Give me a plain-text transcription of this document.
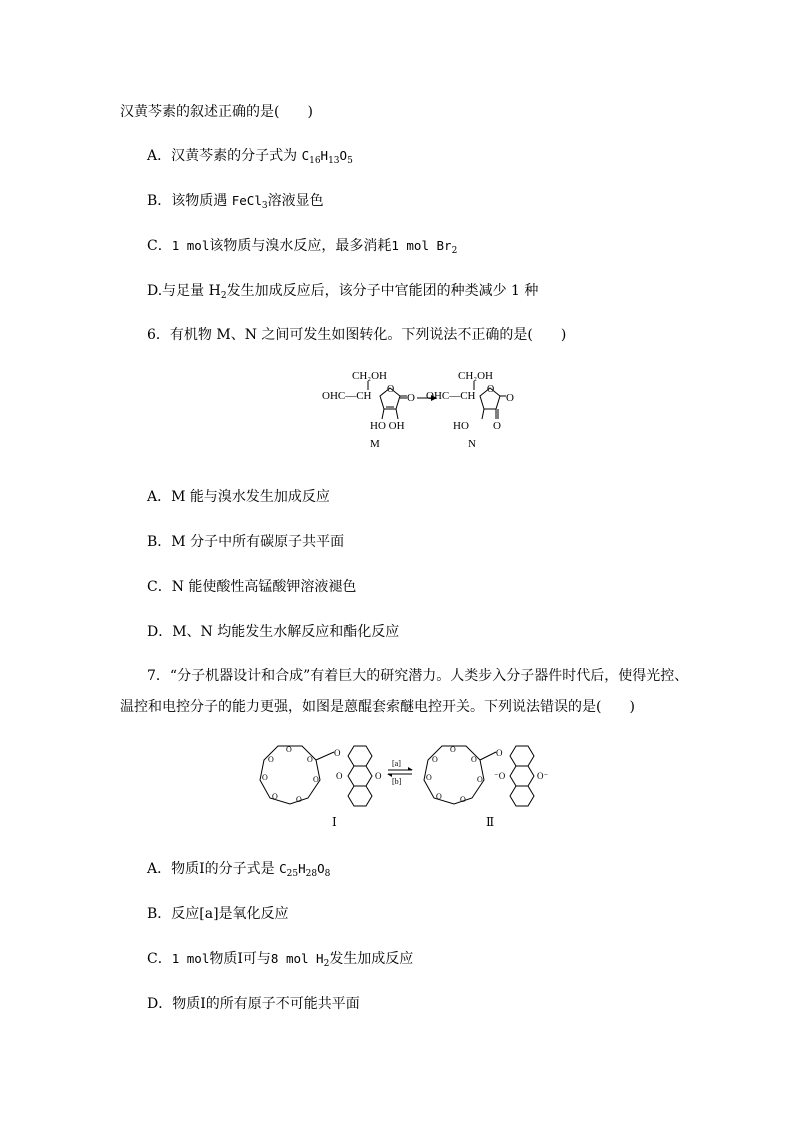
汉黄芩素的叙述正确的是(　　)
A．汉黄芩素的分子式为 $C_{16}H_{13}O_5$
B．该物质遇 FeCl$_3$溶液显色
C．1 mol该物质与溴水反应，最多消耗1 mol $Br_2$
D.与足量 $H_2$发生加成反应后，该分子中官能团的种类减少 1 种
6．有机物 M、N 之间可发生如图转化。下列说法不正确的是(　　)
CH₂OH
OHC—CH
O
O
HO OH
M
CH₂OH
OHC—CH
O
O
HO O
N
A．M 能与溴水发生加成反应
B．M 分子中所有碳原子共平面
C．N 能使酸性高锰酸钾溶液褪色
D．M、N 均能发生水解反应和酯化反应
7．“分子机器设计和合成”有着巨大的研究潜力。人类步入分子器件时代后，使得光控、
温控和电控分子的能力更强，如图是蒽醌套索醚电控开关。下列说法错误的是(　　)
O
O
O
O
O
O
O
O
O	O
Ⅰ
[a]
[b]
O
O
O
O
O
O
O
O
⁻O	O⁻
Ⅱ
A．物质Ⅰ的分子式是 $C_{25}H_{28}O_8$
B．反应[a]是氧化反应
C．1 mol物质Ⅰ可与8 mol $H_2$发生加成反应
D．物质Ⅰ的所有原子不可能共平面
